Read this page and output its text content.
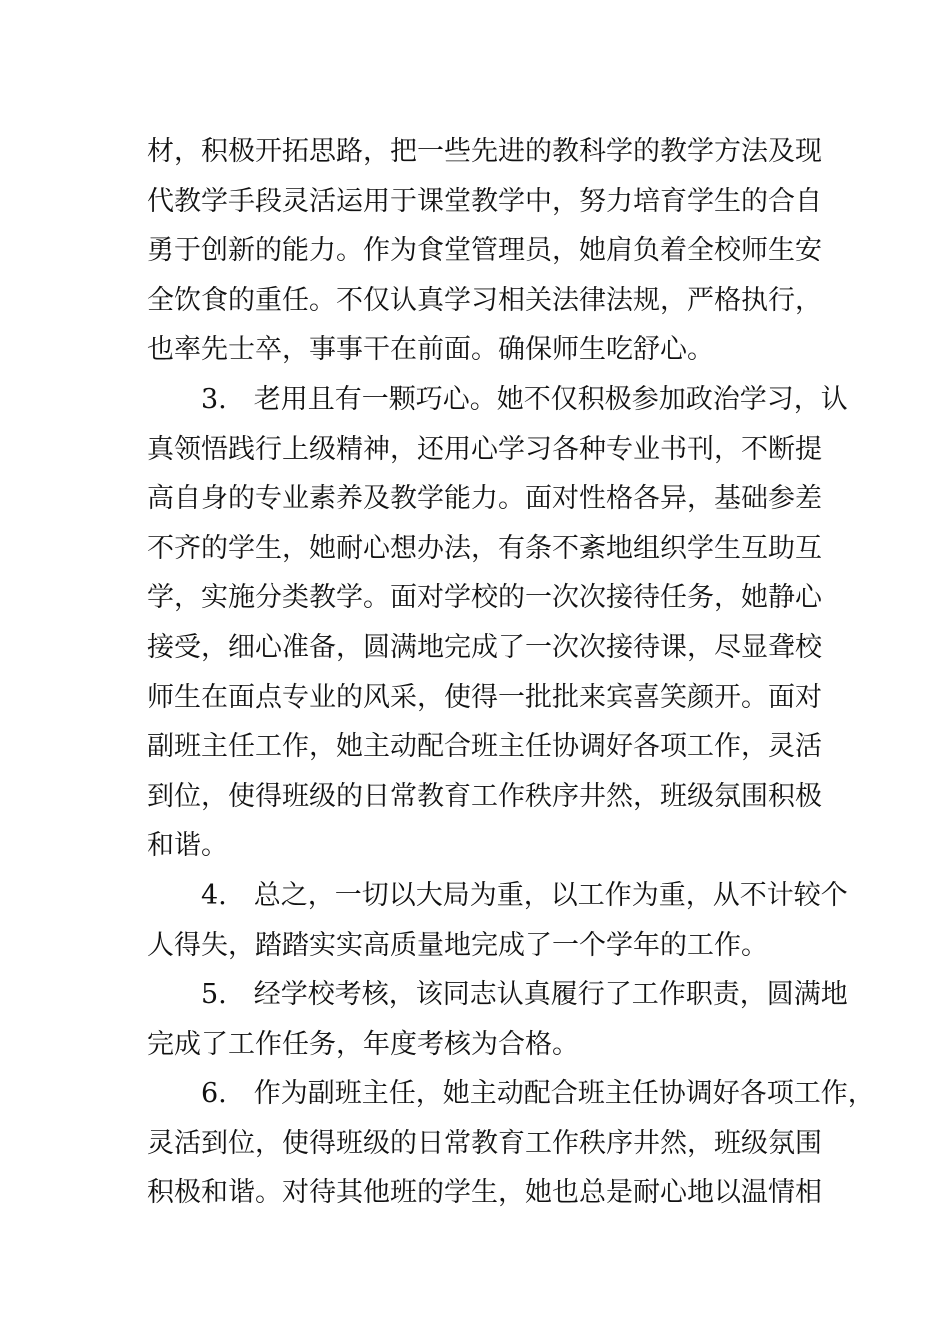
材，积极开拓思路，把一些先进的教科学的教学方法及现
代教学手段灵活运用于课堂教学中，努力培育学生的合自
勇于创新的能力。作为食堂管理员，她肩负着全校师生安
全饮食的重任。不仅认真学习相关法律法规，严格执行，
也率先士卒，事事干在前面。确保师生吃舒心。
　　3.　老用且有一颗巧心。她不仅积极参加政治学习，认
真领悟践行上级精神，还用心学习各种专业书刊，不断提
高自身的专业素养及教学能力。面对性格各异，基础参差
不齐的学生，她耐心想办法，有条不紊地组织学生互助互
学，实施分类教学。面对学校的一次次接待任务，她静心
接受，细心准备，圆满地完成了一次次接待课，尽显聋校
师生在面点专业的风采，使得一批批来宾喜笑颜开。面对
副班主任工作，她主动配合班主任协调好各项工作，灵活
到位，使得班级的日常教育工作秩序井然，班级氛围积极
和谐。
　　4.　总之，一切以大局为重，以工作为重，从不计较个
人得失，踏踏实实高质量地完成了一个学年的工作。
　　5.　经学校考核，该同志认真履行了工作职责，圆满地
完成了工作任务，年度考核为合格。
　　6.　作为副班主任，她主动配合班主任协调好各项工作，
灵活到位，使得班级的日常教育工作秩序井然，班级氛围
积极和谐。对待其他班的学生，她也总是耐心地以温情相
